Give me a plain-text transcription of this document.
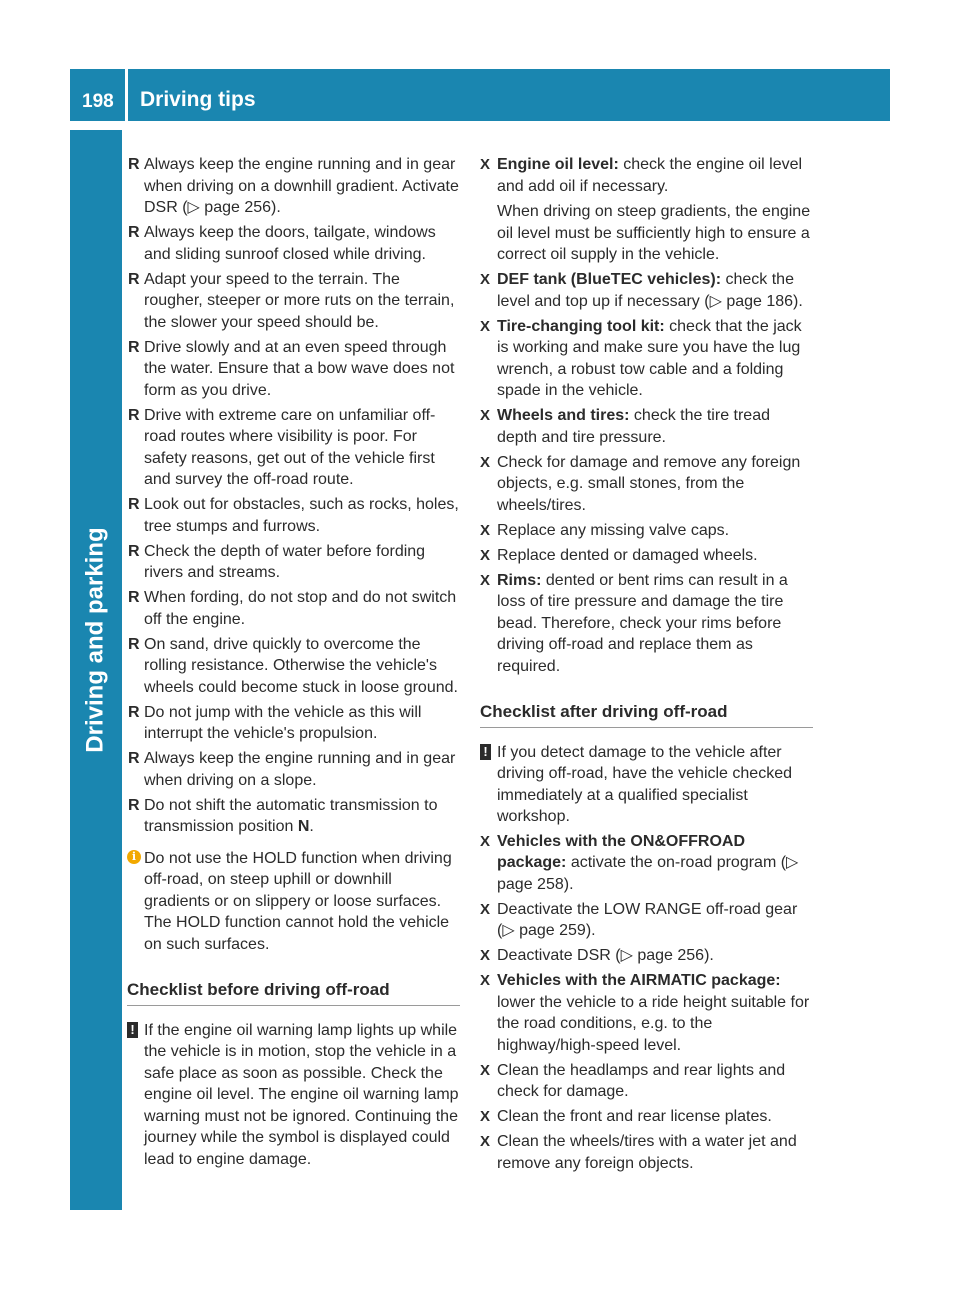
198 Driving tips
Driving and parking
R Always keep the engine running and in gear when driving on a downhill gradient. Activate DSR (▷ page 256).
R Always keep the doors, tailgate, windows and sliding sunroof closed while driving.
R Adapt your speed to the terrain. The rougher, steeper or more ruts on the terrain, the slower your speed should be.
R Drive slowly and at an even speed through the water. Ensure that a bow wave does not form as you drive.
R Drive with extreme care on unfamiliar off-road routes where visibility is poor. For safety reasons, get out of the vehicle first and survey the off-road route.
R Look out for obstacles, such as rocks, holes, tree stumps and furrows.
R Check the depth of water before fording rivers and streams.
R When fording, do not stop and do not switch off the engine.
R On sand, drive quickly to overcome the rolling resistance. Otherwise the vehicle's wheels could become stuck in loose ground.
R Do not jump with the vehicle as this will interrupt the vehicle's propulsion.
R Always keep the engine running and in gear when driving on a slope.
R Do not shift the automatic transmission to transmission position N.
i Do not use the HOLD function when driving off-road, on steep uphill or downhill gradients or on slippery or loose surfaces. The HOLD function cannot hold the vehicle on such surfaces.
Checklist before driving off-road
! If the engine oil warning lamp lights up while the vehicle is in motion, stop the vehicle in a safe place as soon as possible. Check the engine oil level. The engine oil warning lamp warning must not be ignored. Continuing the journey while the symbol is displayed could lead to engine damage.
X Engine oil level: check the engine oil level and add oil if necessary.
When driving on steep gradients, the engine oil level must be sufficiently high to ensure a correct oil supply in the vehicle.
X DEF tank (BlueTEC vehicles): check the level and top up if necessary (▷ page 186).
X Tire-changing tool kit: check that the jack is working and make sure you have the lug wrench, a robust tow cable and a folding spade in the vehicle.
X Wheels and tires: check the tire tread depth and tire pressure.
X Check for damage and remove any foreign objects, e.g. small stones, from the wheels/tires.
X Replace any missing valve caps.
X Replace dented or damaged wheels.
X Rims: dented or bent rims can result in a loss of tire pressure and damage the tire bead. Therefore, check your rims before driving off-road and replace them as required.
Checklist after driving off-road
! If you detect damage to the vehicle after driving off-road, have the vehicle checked immediately at a qualified specialist workshop.
X Vehicles with the ON&OFFROAD package: activate the on-road program (▷ page 258).
X Deactivate the LOW RANGE off-road gear (▷ page 259).
X Deactivate DSR (▷ page 256).
X Vehicles with the AIRMATIC package: lower the vehicle to a ride height suitable for the road conditions, e.g. to the highway/high-speed level.
X Clean the headlamps and rear lights and check for damage.
X Clean the front and rear license plates.
X Clean the wheels/tires with a water jet and remove any foreign objects.
